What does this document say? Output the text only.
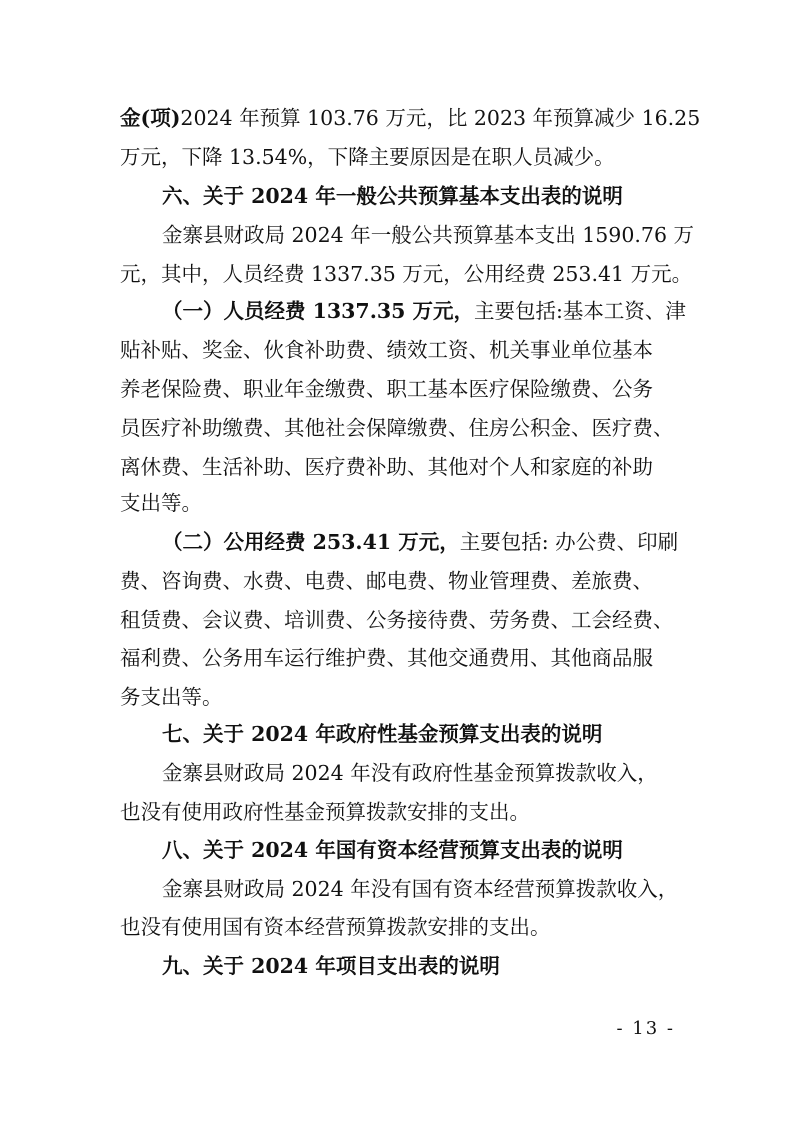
金(项)2024 年预算 103.76 万元，比 2023 年预算减少 16.25
万元，下降 13.54%，下降主要原因是在职人员减少。
六、关于 2024 年一般公共预算基本支出表的说明
金寨县财政局 2024 年一般公共预算基本支出 1590.76 万
元，其中，人员经费 1337.35 万元，公用经费 253.41 万元。
（一）人员经费 1337.35 万元，主要包括:基本工资、津
贴补贴、奖金、伙食补助费、绩效工资、机关事业单位基本
养老保险费、职业年金缴费、职工基本医疗保险缴费、公务
员医疗补助缴费、其他社会保障缴费、住房公积金、医疗费、
离休费、生活补助、医疗费补助、其他对个人和家庭的补助
支出等。
（二）公用经费 253.41 万元，主要包括: 办公费、印刷
费、咨询费、水费、电费、邮电费、物业管理费、差旅费、
租赁费、会议费、培训费、公务接待费、劳务费、工会经费、
福利费、公务用车运行维护费、其他交通费用、其他商品服
务支出等。
七、关于 2024 年政府性基金预算支出表的说明
金寨县财政局 2024 年没有政府性基金预算拨款收入，
也没有使用政府性基金预算拨款安排的支出。
八、关于 2024 年国有资本经营预算支出表的说明
金寨县财政局 2024 年没有国有资本经营预算拨款收入，
也没有使用国有资本经营预算拨款安排的支出。
九、关于 2024 年项目支出表的说明
- 13 -
